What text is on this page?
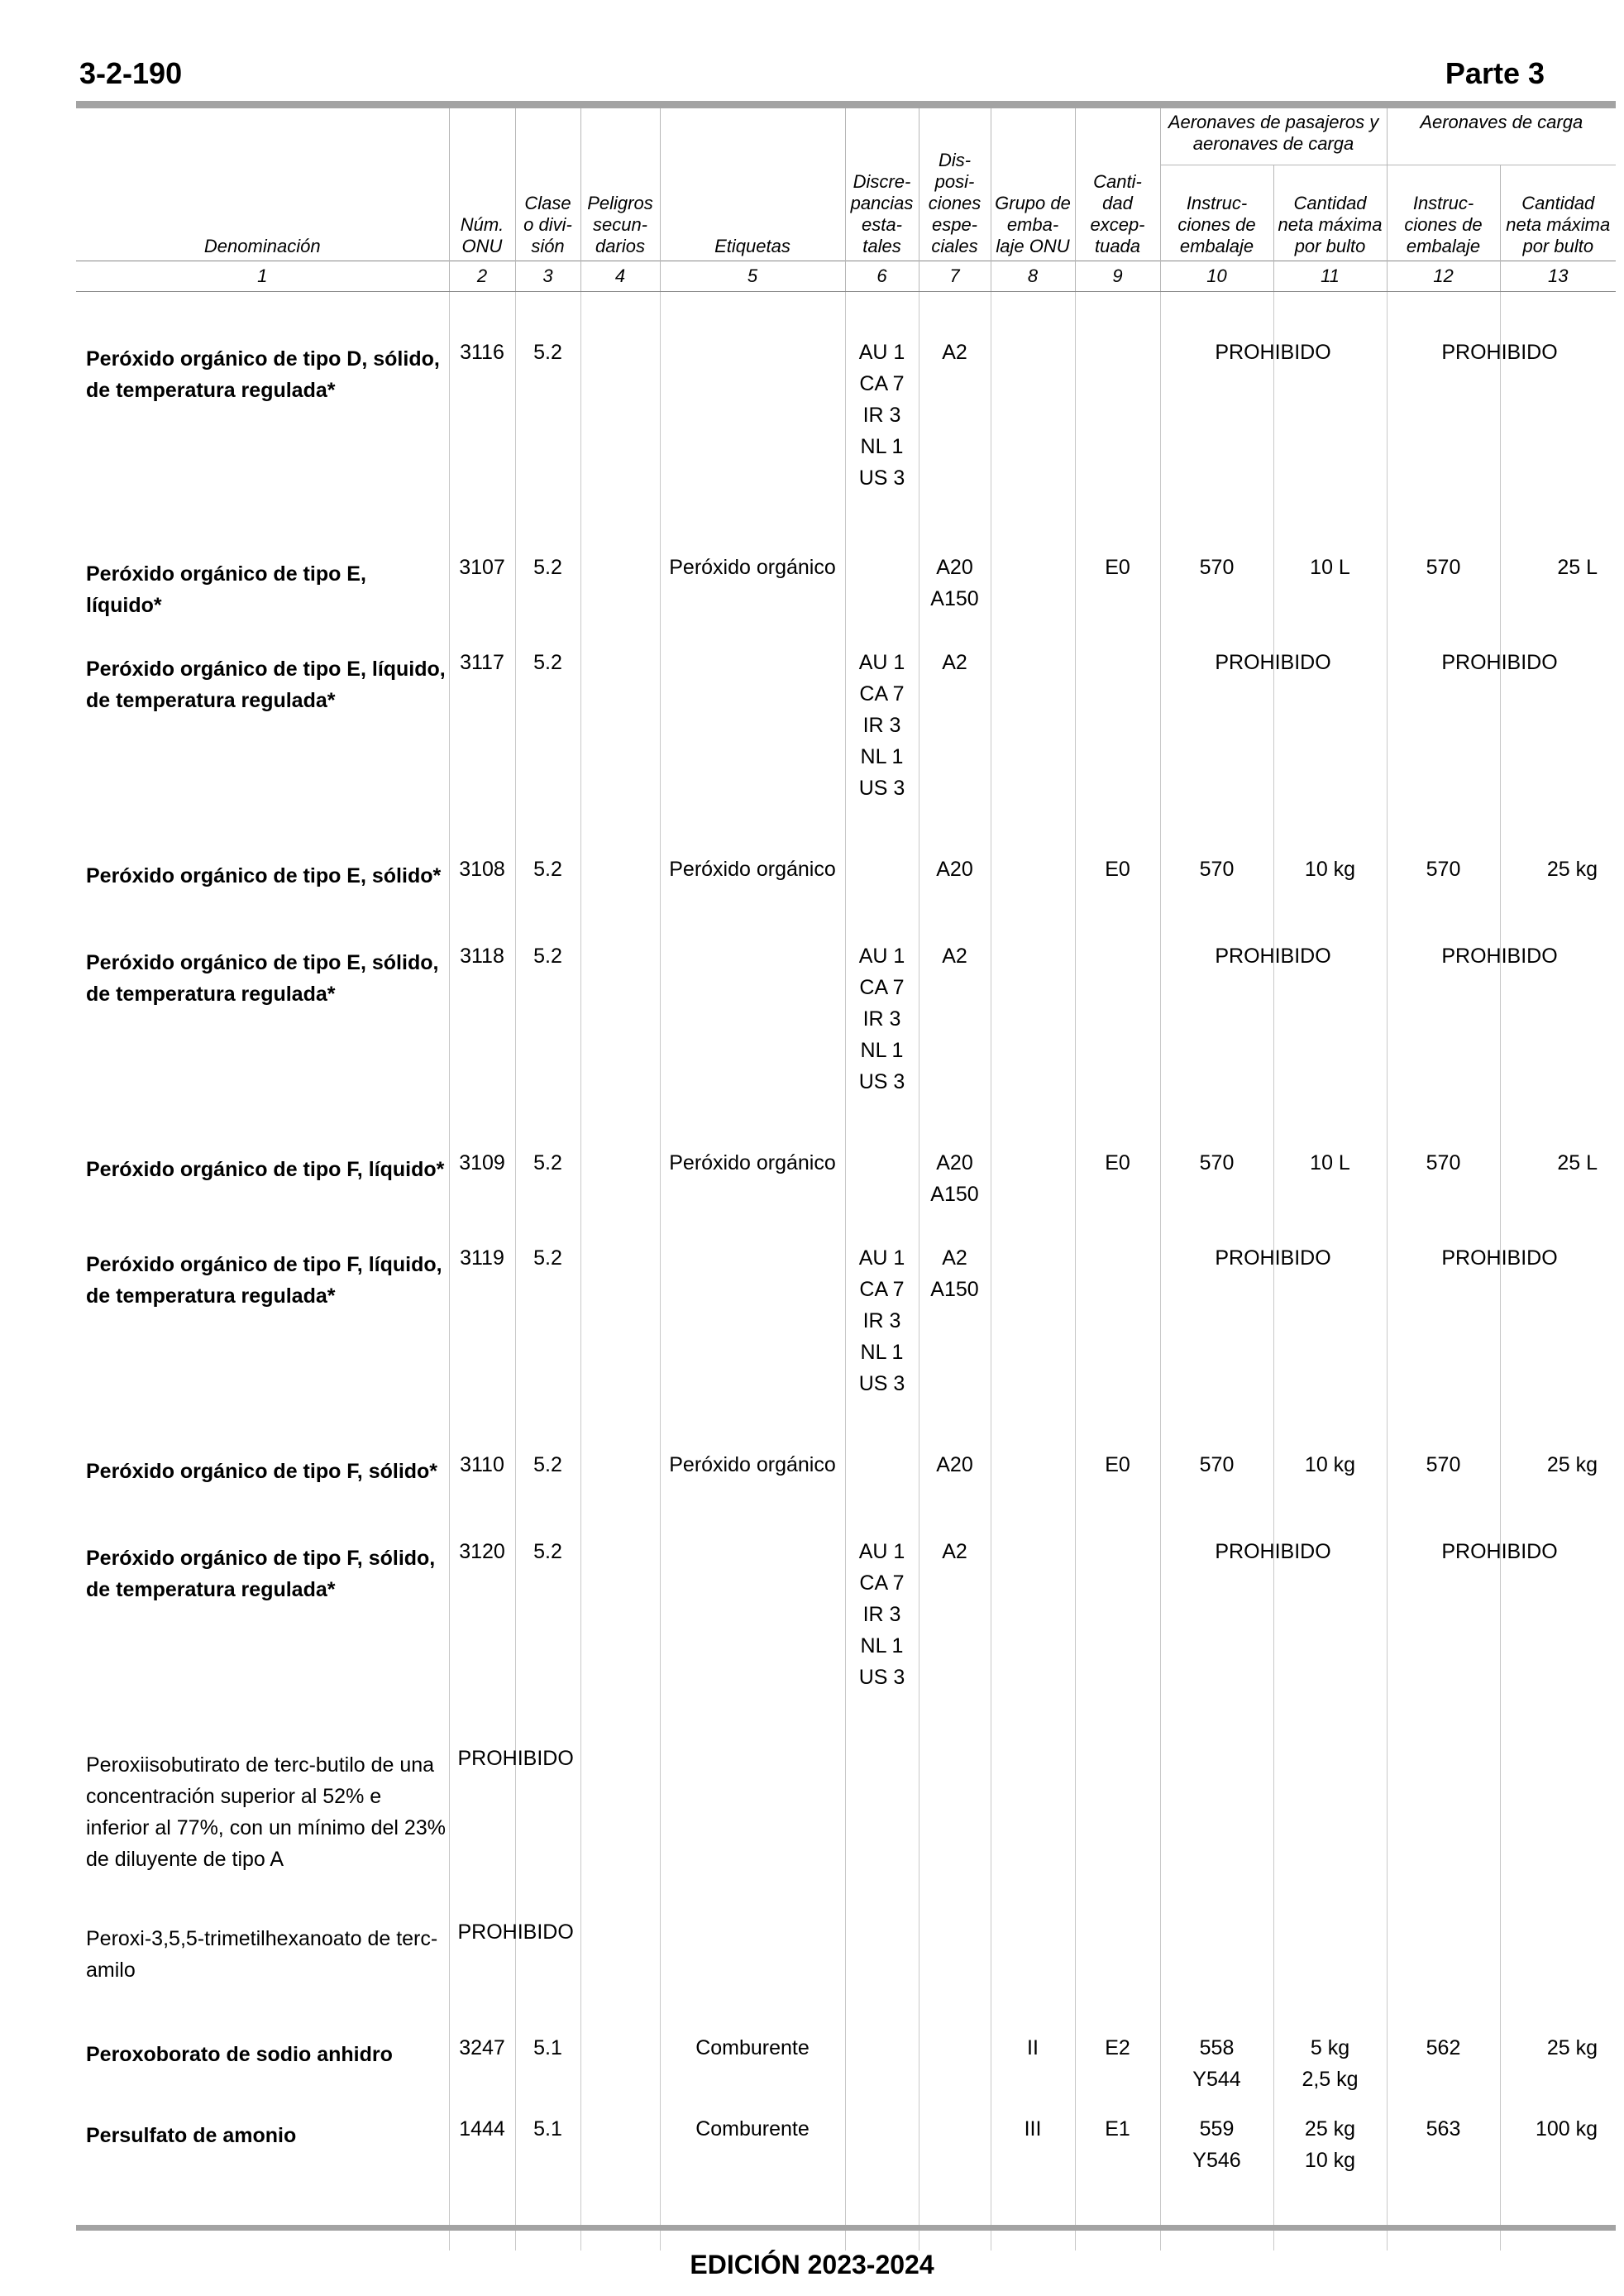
3-2-190	Parte 3
Denominación	Núm. ONU	Clase o divi- sión	Peligros secun- darios	Etiquetas	Discre- pancias esta- tales	Dis- posi- ciones espe- ciales	Grupo de emba- laje ONU	Canti- dad excep- tuada	Aeronaves de pasajeros y aeronaves de carga		Aeronaves de carga	
									Instruc- ciones de embalaje	Cantidad neta máxima por bulto	Instruc- ciones de embalaje	Cantidad neta máxima por bulto
1	2	3	4	5	6	7	8	9	10	11	12	13

Peróxido orgánico de tipo D, sólido, de temperatura regulada*	3116	5.2			AU 1
CA 7
IR 3
NL 1
US 3	A2			PROHIBIDO		PROHIBIDO	

Peróxido orgánico de tipo E, líquido*	3107	5.2		Peróxido orgánico		A20
A150		E0	570	10 L	570	25 L
Peróxido orgánico de tipo E, líquido, de temperatura regulada*	3117	5.2			AU 1
CA 7
IR 3
NL 1
US 3	A2			PROHIBIDO		PROHIBIDO	

Peróxido orgánico de tipo E, sólido*	3108	5.2		Peróxido orgánico		A20		E0	570	10 kg	570	25 kg
Peróxido orgánico de tipo E, sólido, de temperatura regulada*	3118	5.2			AU 1
CA 7
IR 3
NL 1
US 3	A2			PROHIBIDO		PROHIBIDO	

Peróxido orgánico de tipo F, líquido*	3109	5.2		Peróxido orgánico		A20
A150		E0	570	10 L	570	25 L
Peróxido orgánico de tipo F, líquido, de temperatura regulada*	3119	5.2			AU 1
CA 7
IR 3
NL 1
US 3	A2
A150			PROHIBIDO		PROHIBIDO	

Peróxido orgánico de tipo F, sólido*	3110	5.2		Peróxido orgánico		A20		E0	570	10 kg	570	25 kg
Peróxido orgánico de tipo F, sólido, de temperatura regulada*	3120	5.2			AU 1
CA 7
IR 3
NL 1
US 3	A2			PROHIBIDO		PROHIBIDO	

Peroxiisobutirato de terc-butilo de una concentración superior al 52% e inferior al 77%, con un mínimo del 23% de diluyente de tipo A	PROHIBIDO											

Peroxi-3,5,5-trimetilhexanoato de terc-amilo	PROHIBIDO											

Peroxoborato de sodio anhidro	3247	5.1		Comburente			II	E2	558
Y544	5 kg
2,5 kg	562	25 kg
Persulfato de amonio	1444	5.1		Comburente			III	E1	559
Y546	25 kg
10 kg	563	100 kg
EDICIÓN 2023-2024
